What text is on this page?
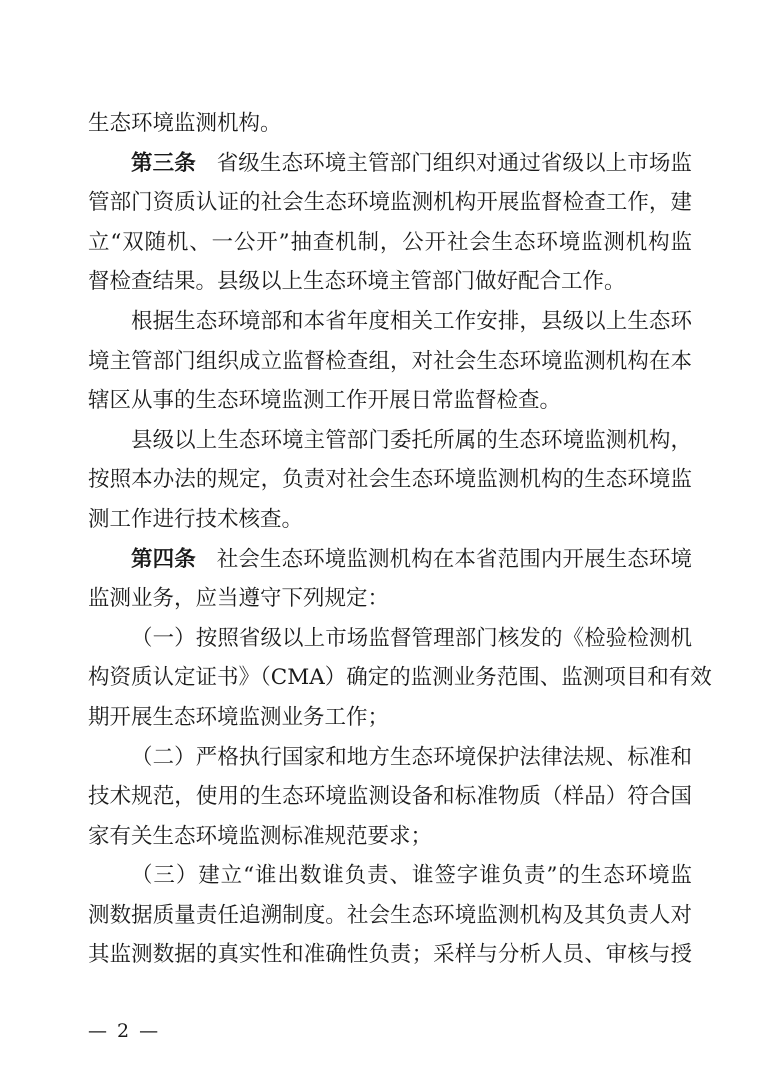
生态环境监测机构。
第三条 省级生态环境主管部门组织对通过省级以上市场监
管部门资质认证的社会生态环境监测机构开展监督检查工作，建
立“双随机、一公开”抽查机制，公开社会生态环境监测机构监
督检查结果。县级以上生态环境主管部门做好配合工作。
根据生态环境部和本省年度相关工作安排，县级以上生态环
境主管部门组织成立监督检查组，对社会生态环境监测机构在本
辖区从事的生态环境监测工作开展日常监督检查。
县级以上生态环境主管部门委托所属的生态环境监测机构，
按照本办法的规定，负责对社会生态环境监测机构的生态环境监
测工作进行技术核查。
第四条 社会生态环境监测机构在本省范围内开展生态环境
监测业务，应当遵守下列规定：
（一）按照省级以上市场监督管理部门核发的《检验检测机
构资质认定证书》（CMA）确定的监测业务范围、监测项目和有效
期开展生态环境监测业务工作；
（二）严格执行国家和地方生态环境保护法律法规、标准和
技术规范，使用的生态环境监测设备和标准物质（样品）符合国
家有关生态环境监测标准规范要求；
（三）建立“谁出数谁负责、谁签字谁负责”的生态环境监
测数据质量责任追溯制度。社会生态环境监测机构及其负责人对
其监测数据的真实性和准确性负责；采样与分析人员、审核与授
— 2 —
